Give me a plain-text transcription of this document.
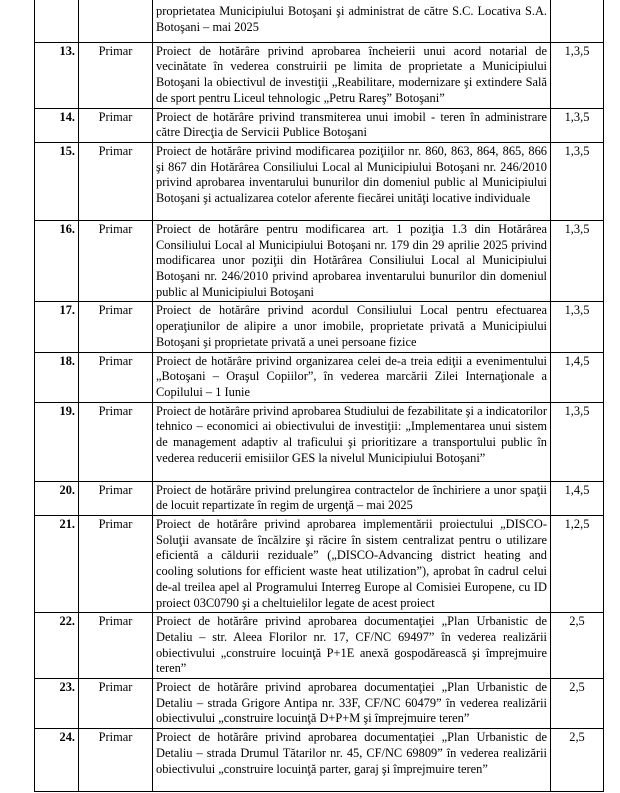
		proprietatea Municipiului Botoşani şi administrat de către S.C. Locativa S.A. Botoşani – mai 2025	
13.	Primar	Proiect de hotărâre privind aprobarea încheierii unui acord notarial de vecinătate în vederea construirii pe limita de proprietate a Municipiului Botoşani la obiectivul de investiţii „Reabilitare, modernizare şi extindere Sală de sport pentru Liceul tehnologic „Petru Rareş” Botoşani”	1,3,5
14.	Primar	Proiect de hotărâre privind transmiterea unui imobil - teren în administrare către Direcţia de Servicii Publice Botoşani	1,3,5
15.	Primar	Proiect de hotărâre privind modificarea poziţiilor nr. 860, 863, 864, 865, 866 şi 867 din Hotărârea Consiliului Local al Municipiului Botoşani nr. 246/2010 privind aprobarea inventarului bunurilor din domeniul public al Municipiului Botoşani şi actualizarea cotelor aferente fiecărei unităţi locative individuale	1,3,5
16.	Primar	Proiect de hotărâre pentru modificarea art. 1 poziţia 1.3 din Hotărârea Consiliului Local al Municipiului Botoşani nr. 179 din 29 aprilie 2025 privind modificarea unor poziţii din Hotărârea Consiliului Local al Municipiului Botoşani nr. 246/2010 privind aprobarea inventarului bunurilor din domeniul public al Municipiului Botoşani	1,3,5
17.	Primar	Proiect de hotărâre privind acordul Consiliului Local pentru efectuarea operaţiunilor de alipire a unor imobile, proprietate privată a Municipiului Botoşani şi proprietate privată a unei persoane fizice	1,3,5
18.	Primar	Proiect de hotărâre privind organizarea celei de-a treia ediţii a evenimentului „Botoşani – Oraşul Copiilor”, în vederea marcării Zilei Internaţionale a Copilului – 1 Iunie	1,4,5
19.	Primar	Proiect de hotărâre privind aprobarea Studiului de fezabilitate şi a indicatorilor tehnico – economici ai obiectivului de investiţii: „Implementarea unui sistem de management adaptiv al traficului şi prioritizare a transportului public în vederea reducerii emisiilor GES la nivelul Municipiului Botoşani”	1,3,5
20.	Primar	Proiect de hotărâre privind prelungirea contractelor de închiriere a unor spaţii de locuit repartizate în regim de urgenţă – mai 2025	1,4,5
21.	Primar	Proiect de hotărâre privind aprobarea implementării proiectului „DISCO-Soluţii avansate de încălzire şi răcire în sistem centralizat pentru o utilizare eficientă a căldurii reziduale” („DISCO-Advancing district heating and cooling solutions for efficient waste heat utilization”), aprobat în cadrul celui de-al treilea apel al Programului Interreg Europe al Comisiei Europene, cu ID proiect 03C0790 şi a cheltuielilor legate de acest proiect	1,2,5
22.	Primar	Proiect de hotărâre privind aprobarea documentaţiei „Plan Urbanistic de Detaliu – str. Aleea Florilor nr. 17, CF/NC 69497” în vederea realizării obiectivului „construire locuinţă P+1E anexă gospodărească şi împrejmuire teren”	2,5
23.	Primar	Proiect de hotărâre privind aprobarea documentaţiei „Plan Urbanistic de Detaliu – strada Grigore Antipa nr. 33F, CF/NC 60479” în vederea realizării obiectivului „construire locuinţă D+P+M şi împrejmuire teren”	2,5
24.	Primar	Proiect de hotărâre privind aprobarea documentaţiei „Plan Urbanistic de Detaliu – strada Drumul Tătarilor nr. 45, CF/NC 69809” în vederea realizării obiectivului „construire locuinţă parter, garaj şi împrejmuire teren”	2,5
